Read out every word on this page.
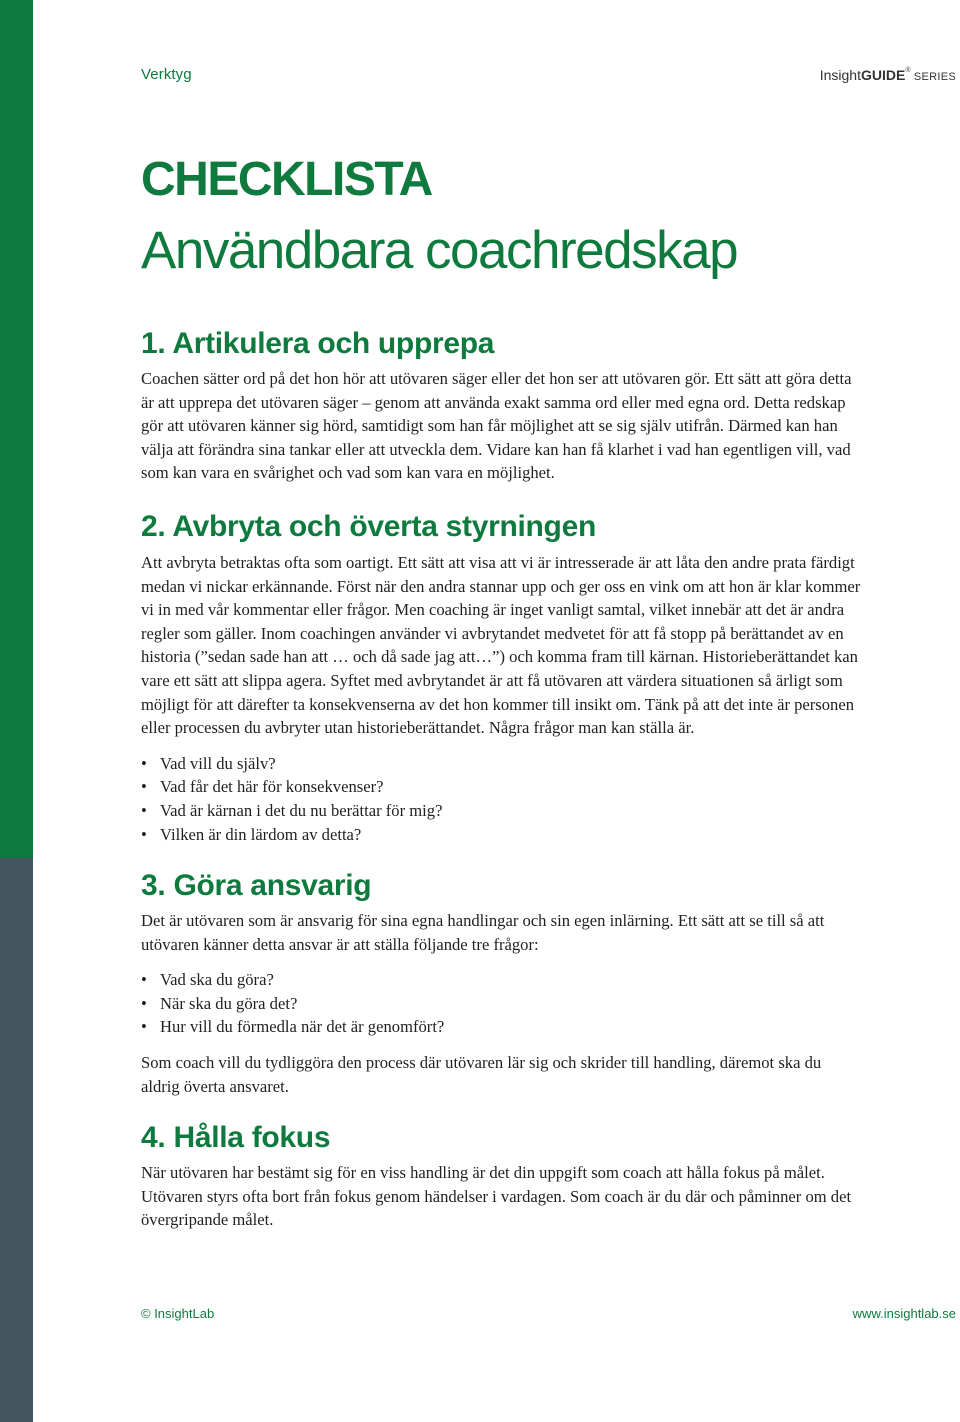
Verktyg	InsightGUIDE® SERIES
CHECKLISTA
Användbara coachredskap
1. Artikulera och upprepa

Coachen sätter ord på det hon hör att utövaren säger eller det hon ser att utövaren gör. Ett sätt att göra detta är att upprepa det utövaren säger – genom att använda exakt samma ord eller med egna ord. Detta redskap gör att utövaren känner sig hörd, samtidigt som han får möjlighet att se sig själv utifrån. Därmed kan han välja att förändra sina tankar eller att utveckla dem. Vidare kan han få klarhet i vad han egentligen vill, vad som kan vara en svårighet och vad som kan vara en möjlighet.

2. Avbryta och överta styrningen

Att avbryta betraktas ofta som oartigt. Ett sätt att visa att vi är intresserade är att låta den andre prata färdigt medan vi nickar erkännande. Först när den andra stannar upp och ger oss en vink om att hon är klar kommer vi in med vår kommentar eller frågor. Men coaching är inget vanligt samtal, vilket innebär att det är andra regler som gäller. Inom coachingen använder vi avbrytandet medvetet för att få stopp på berättandet av en historia (”sedan sade han att … och då sade jag att…”) och komma fram till kärnan. Historieberättandet kan vare ett sätt att slippa agera. Syftet med avbrytandet är att få utövaren att värdera situationen så ärligt som möjligt för att därefter ta konsekvenserna av det hon kommer till insikt om. Tänk på att det inte är personen eller processen du avbryter utan historieberättandet. Några frågor man kan ställa är.

• Vad vill du själv?
• Vad får det här för konsekvenser?
• Vad är kärnan i det du nu berättar för mig?
• Vilken är din lärdom av detta?
3. Göra ansvarig

Det är utövaren som är ansvarig för sina egna handlingar och sin egen inlärning. Ett sätt att se till så att utövaren känner detta ansvar är att ställa följande tre frågor:

• Vad ska du göra?
• När ska du göra det?
• Hur vill du förmedla när det är genomfört?

Som coach vill du tydliggöra den process där utövaren lär sig och skrider till handling, däremot ska du aldrig överta ansvaret.

4. Hålla fokus

När utövaren har bestämt sig för en viss handling är det din uppgift som coach att hålla fokus på målet. Utövaren styrs ofta bort från fokus genom händelser i vardagen. Som coach är du där och påminner om det övergripande målet.

© InsightLab	www.insightlab.se
